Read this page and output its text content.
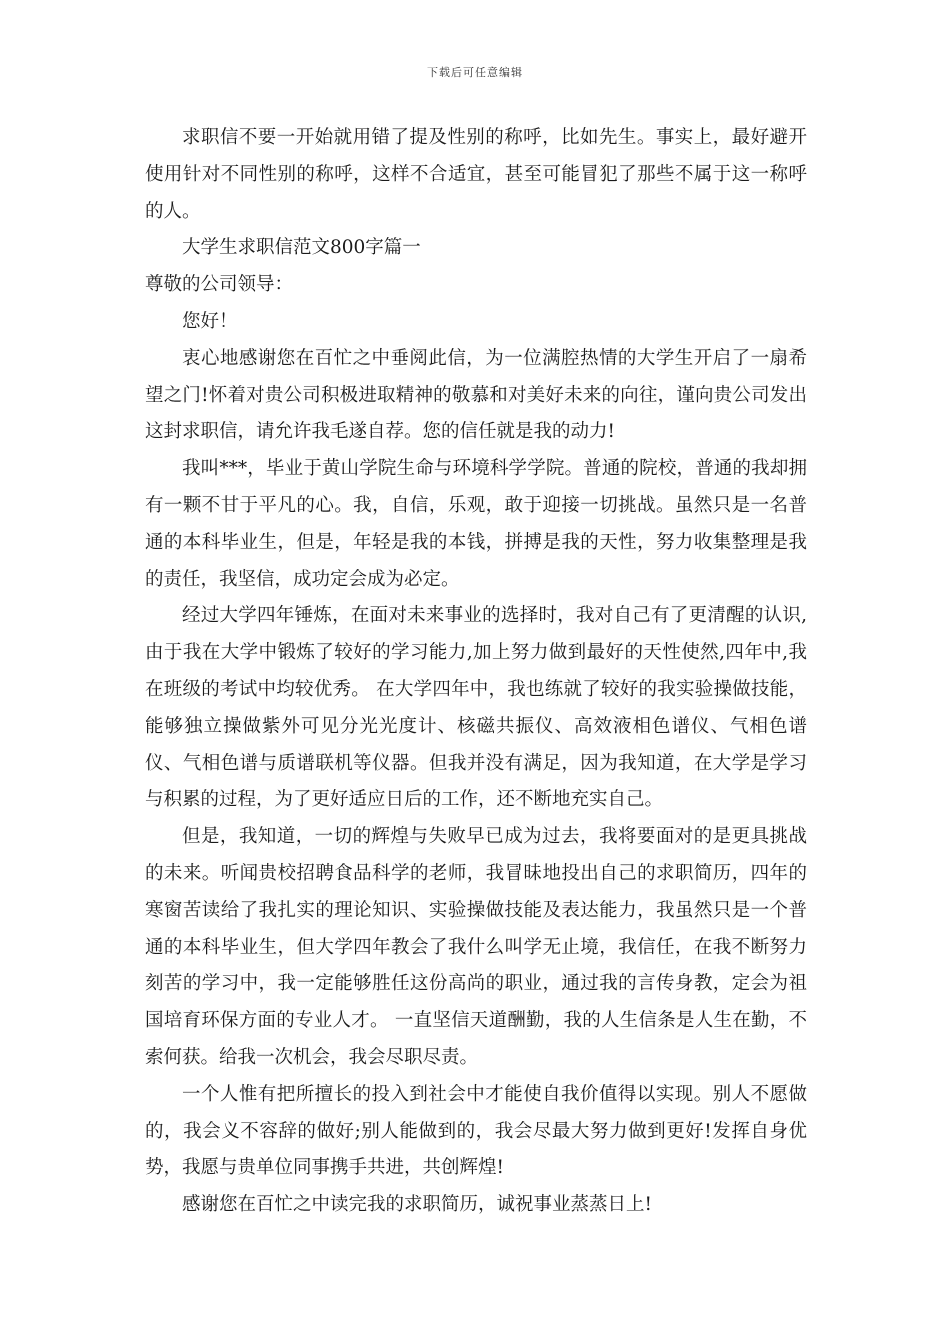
下载后可任意编辑

求职信不要一开始就用错了提及性别的称呼，比如先生。事实上，最好避开使用针对不同性别的称呼，这样不合适宜，甚至可能冒犯了那些不属于这一称呼的人。

大学生求职信范文800字篇一

尊敬的公司领导：

您好！

衷心地感谢您在百忙之中垂阅此信，为一位满腔热情的大学生开启了一扇希望之门!怀着对贵公司积极进取精神的敬慕和对美好未来的向往，谨向贵公司发出这封求职信，请允许我毛遂自荐。您的信任就是我的动力!

我叫***，毕业于黄山学院生命与环境科学学院。普通的院校，普通的我却拥有一颗不甘于平凡的心。我，自信，乐观，敢于迎接一切挑战。虽然只是一名普通的本科毕业生，但是，年轻是我的本钱，拼搏是我的天性，努力收集整理是我的责任，我坚信，成功定会成为必定。

经过大学四年锤炼，在面对未来事业的选择时，我对自己有了更清醒的认识,由于我在大学中锻炼了较好的学习能力,加上努力做到最好的天性使然,四年中,我在班级的考试中均较优秀。 在大学四年中，我也练就了较好的我实验操做技能，能够独立操做紫外可见分光光度计、核磁共振仪、高效液相色谱仪、气相色谱仪、气相色谱与质谱联机等仪器。但我并没有满足，因为我知道，在大学是学习与积累的过程，为了更好适应日后的工作，还不断地充实自己。

但是，我知道，一切的辉煌与失败早已成为过去，我将要面对的是更具挑战的未来。听闻贵校招聘食品科学的老师，我冒昧地投出自己的求职简历，四年的寒窗苦读给了我扎实的理论知识、实验操做技能及表达能力，我虽然只是一个普通的本科毕业生，但大学四年教会了我什么叫学无止境，我信任，在我不断努力刻苦的学习中，我一定能够胜任这份高尚的职业，通过我的言传身教，定会为祖国培育环保方面的专业人才。 一直坚信天道酬勤，我的人生信条是人生在勤，不索何获。给我一次机会，我会尽职尽责。

一个人惟有把所擅长的投入到社会中才能使自我价值得以实现。别人不愿做的，我会义不容辞的做好;别人能做到的，我会尽最大努力做到更好!发挥自身优势，我愿与贵单位同事携手共进，共创辉煌!

感谢您在百忙之中读完我的求职简历，诚祝事业蒸蒸日上!
